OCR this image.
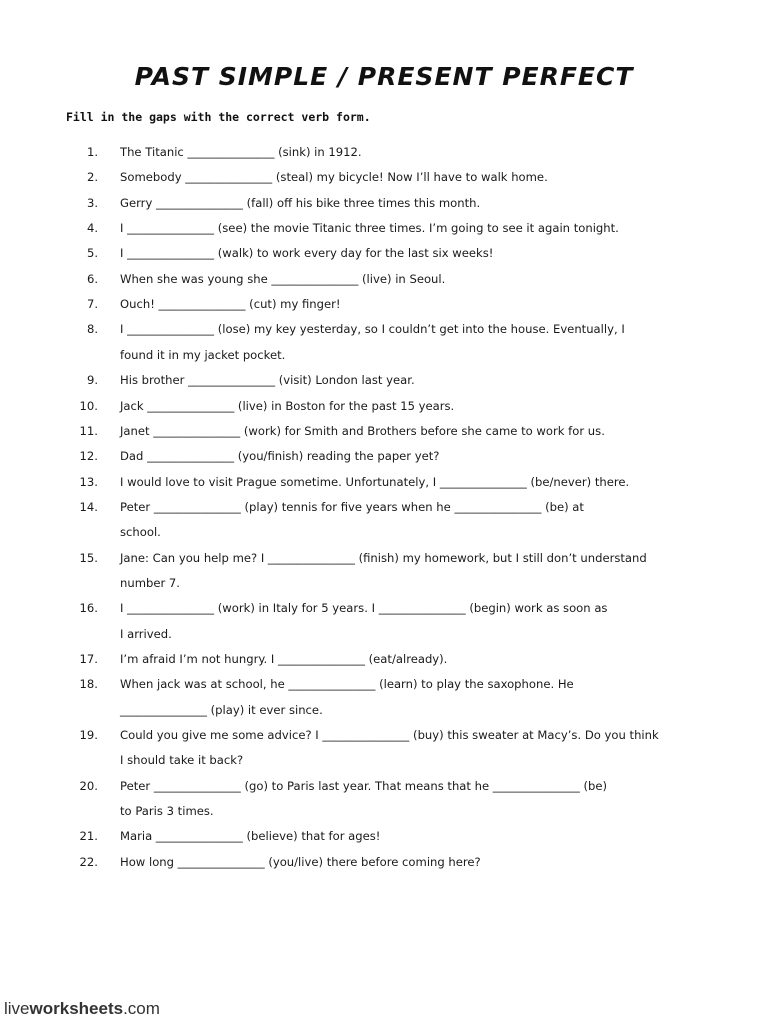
PAST SIMPLE / PRESENT PERFECT
Fill in the gaps with the correct verb form.
1. The Titanic _______________ (sink) in 1912.
2. Somebody _______________ (steal) my bicycle! Now I’ll have to walk home.
3. Gerry _______________ (fall) off his bike three times this month.
4. I _______________ (see) the movie Titanic three times. I’m going to see it again tonight.
5. I _______________ (walk) to work every day for the last six weeks!
6. When she was young she _______________ (live) in Seoul.
7. Ouch! _______________ (cut) my finger!
8. I _______________ (lose) my key yesterday, so I couldn’t get into the house. Eventually, I
found it in my jacket pocket.
9. His brother _______________ (visit) London last year.
10. Jack _______________ (live) in Boston for the past 15 years.
11. Janet _______________ (work) for Smith and Brothers before she came to work for us.
12. Dad _______________ (you/finish) reading the paper yet?
13. I would love to visit Prague sometime. Unfortunately, I _______________ (be/never) there.
14. Peter _______________ (play) tennis for five years when he _______________ (be) at
school.
15. Jane: Can you help me? I _______________ (finish) my homework, but I still don’t understand
number 7.
16. I _______________ (work) in Italy for 5 years. I _______________ (begin) work as soon as
I arrived.
17. I’m afraid I’m not hungry. I _______________ (eat/already).
18. When jack was at school, he _______________ (learn) to play the saxophone. He
_______________ (play) it ever since.
19. Could you give me some advice? I _______________ (buy) this sweater at Macy’s. Do you think
I should take it back?
20. Peter _______________ (go) to Paris last year. That means that he _______________ (be)
to Paris 3 times.
21. Maria _______________ (believe) that for ages!
22. How long _______________ (you/live) there before coming here?
liveworksheets.com
